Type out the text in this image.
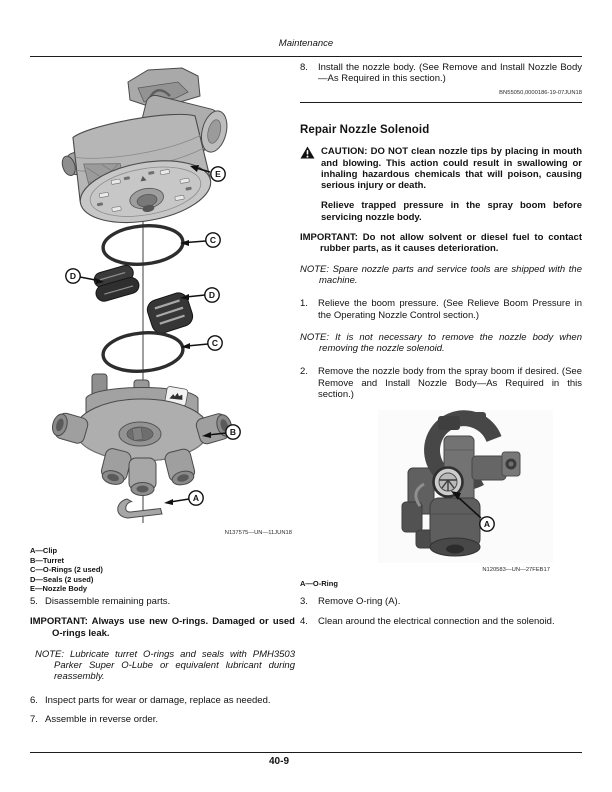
Maintenance
E
C
D
D
C
B
A
N137575—UN—11JUN18
A—Clip
B—Turret
C—O-Rings (2 used)
D—Seals (2 used)
E—Nozzle Body
5. Disassemble remaining parts.

IMPORTANT: Always use new O-rings. Damaged or used O-rings leak.

NOTE: Lubricate turret O-rings and seals with PMH3503 Parker Super O-Lube or equivalent lubricant during reassembly.

6. Inspect parts for wear or damage, replace as needed.
7. Assemble in reverse order.
8.	Install the nozzle body. (See Remove and Install Nozzle Body—As Required in this section.)
BN55050,0000186-19-07JUN18
Repair Nozzle Solenoid
CAUTION: DO NOT clean nozzle tips by placing in mouth and blowing. This action could result in swallowing or inhaling hazardous chemicals that will poison, causing serious injury or death.

Relieve trapped pressure in the spray boom before servicing nozzle body.

IMPORTANT: Do not allow solvent or diesel fuel to contact rubber parts, as it causes deterioration.

NOTE: Spare nozzle parts and service tools are shipped with the machine.

1.	Relieve the boom pressure. (See Relieve Boom Pressure in the Operating Nozzle Control section.)

NOTE: It is not necessary to remove the nozzle body when removing the nozzle solenoid.

2.	Remove the nozzle body from the spray boom if desired. (See Remove and Install Nozzle Body—As Required in this section.)
A
N120583—UN—27FEB17
A—O-Ring
3.	Remove O-ring (A).
4.	Clean around the electrical connection and the solenoid.
40-9
